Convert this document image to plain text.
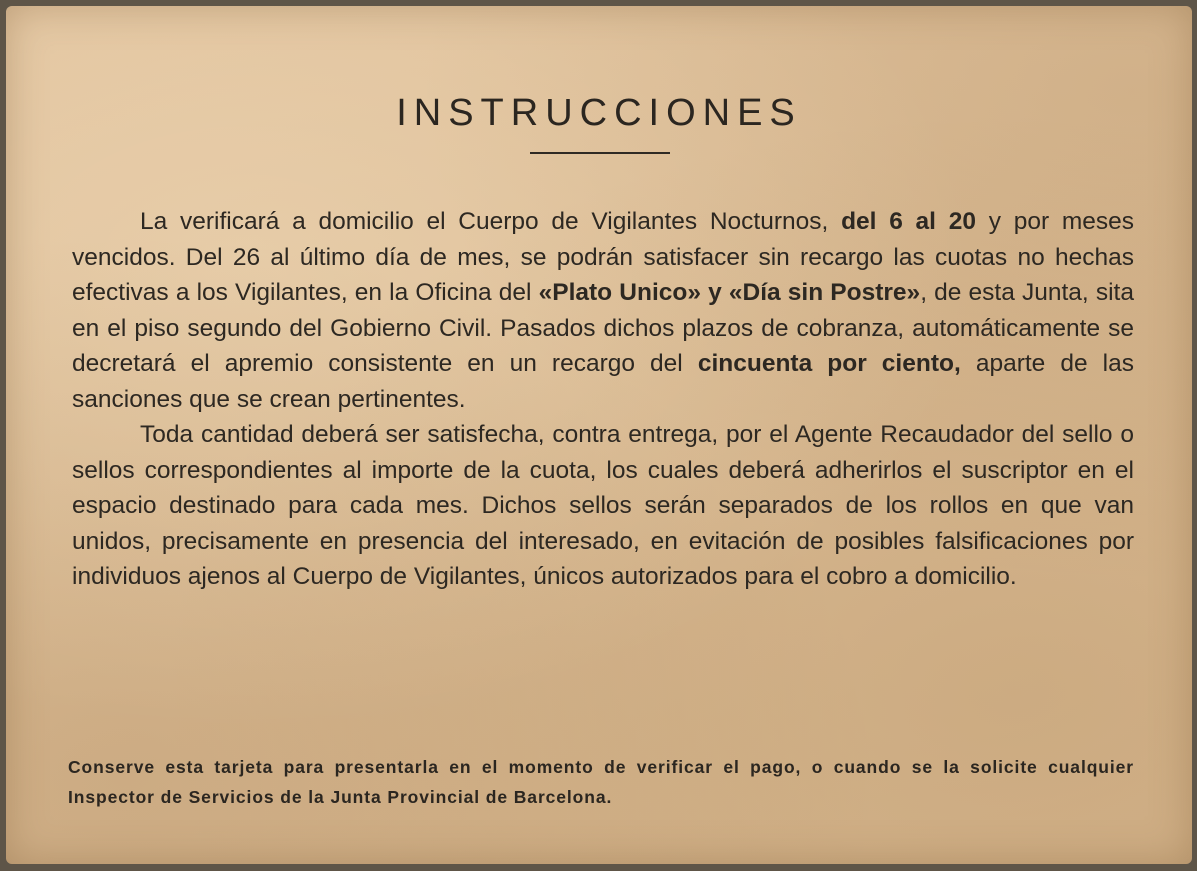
INSTRUCCIONES

La verificará a domicilio el Cuerpo de Vigilantes Nocturnos, del 6 al 20 y por meses vencidos. Del 26 al último día de mes, se podrán satisfacer sin recargo las cuotas no hechas efectivas a los Vigilantes, en la Oficina del «Plato Unico» y «Día sin Postre», de esta Junta, sita en el piso segundo del Gobierno Civil. Pasados dichos plazos de cobranza, automáticamente se decretará el apremio consistente en un recargo del cincuenta por ciento, aparte de las sanciones que se crean pertinentes.

Toda cantidad deberá ser satisfecha, contra entrega, por el Agente Recaudador del sello o sellos correspondientes al importe de la cuota, los cuales deberá adherirlos el suscriptor en el espacio destinado para cada mes. Dichos sellos serán separados de los rollos en que van unidos, precisamente en presencia del interesado, en evitación de posibles falsificaciones por individuos ajenos al Cuerpo de Vigilantes, únicos autorizados para el cobro a domicilio.

Conserve esta tarjeta para presentarla en el momento de verificar el pago, o cuando se la solicite cualquier Inspector de Servicios de la Junta Provincial de Barcelona.
